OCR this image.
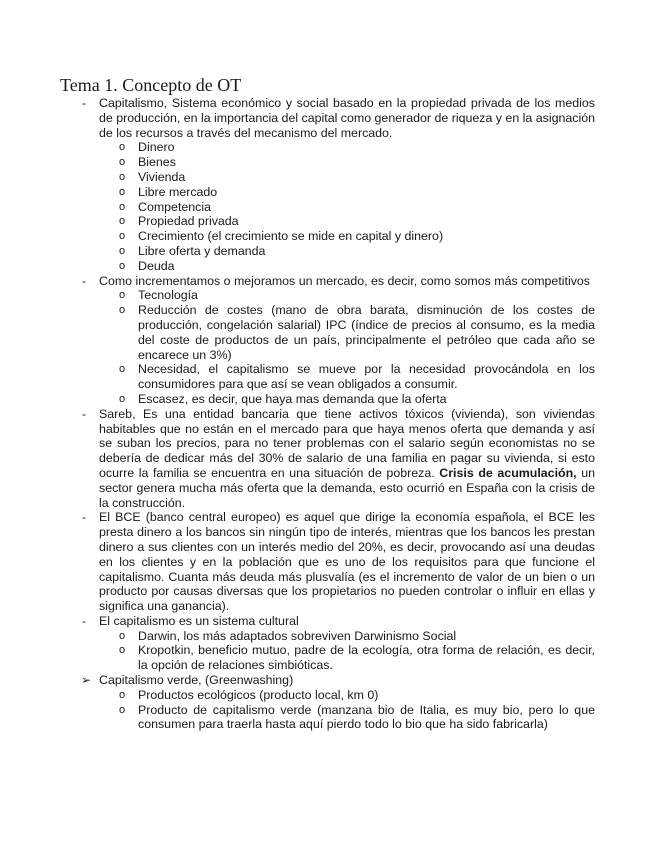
Tema 1. Concepto de OT
- Capitalismo, Sistema económico y social basado en la propiedad privada de los medios de producción, en la importancia del capital como generador de riqueza y en la asignación de los recursos a través del mecanismo del mercado.
o Dinero
o Bienes
o Vivienda
o Libre mercado
o Competencia
o Propiedad privada
o Crecimiento (el crecimiento se mide en capital y dinero)
o Libre oferta y demanda
o Deuda
- Como incrementamos o mejoramos un mercado, es decir, como somos más competitivos
o Tecnología
o Reducción de costes (mano de obra barata, disminución de los costes de producción, congelación salarial) IPC (índice de precios al consumo, es la media del coste de productos de un país, principalmente el petróleo que cada año se encarece un 3%)
o Necesidad, el capitalismo se mueve por la necesidad provocándola en los consumidores para que así se vean obligados a consumir.
o Escasez, es decir, que haya mas demanda que la oferta
- Sareb, Es una entidad bancaria que tiene activos tóxicos (vivienda), son viviendas habitables que no están en el mercado para que haya menos oferta que demanda y así se suban los precios, para no tener problemas con el salario según economistas no se debería de dedicar más del 30% de salario de una familia en pagar su vivienda, si esto ocurre la familia se encuentra en una situación de pobreza. Crisis de acumulación, un sector genera mucha más oferta que la demanda, esto ocurrió en España con la crisis de la construcción.
- El BCE (banco central europeo) es aquel que dirige la economía española, el BCE les presta dinero a los bancos sin ningún tipo de interés, mientras que los bancos les prestan dinero a sus clientes con un interés medio del 20%, es decir, provocando así una deudas en los clientes y en la población que es uno de los requisitos para que funcione el capitalismo. Cuanta más deuda más plusvalía (es el incremento de valor de un bien o un producto por causas diversas que los propietarios no pueden controlar o influir en ellas y significa una ganancia).
- El capitalismo es un sistema cultural
o Darwin, los más adaptados sobreviven Darwinismo Social
o Kropotkin, beneficio mutuo, padre de la ecología, otra forma de relación, es decir, la opción de relaciones simbióticas.
➢ Capitalismo verde, (Greenwashing)
o Productos ecológicos (producto local, km 0)
o Producto de capitalismo verde (manzana bio de Italia, es muy bio, pero lo que consumen para traerla hasta aquí pierdo todo lo bio que ha sido fabricarla)
